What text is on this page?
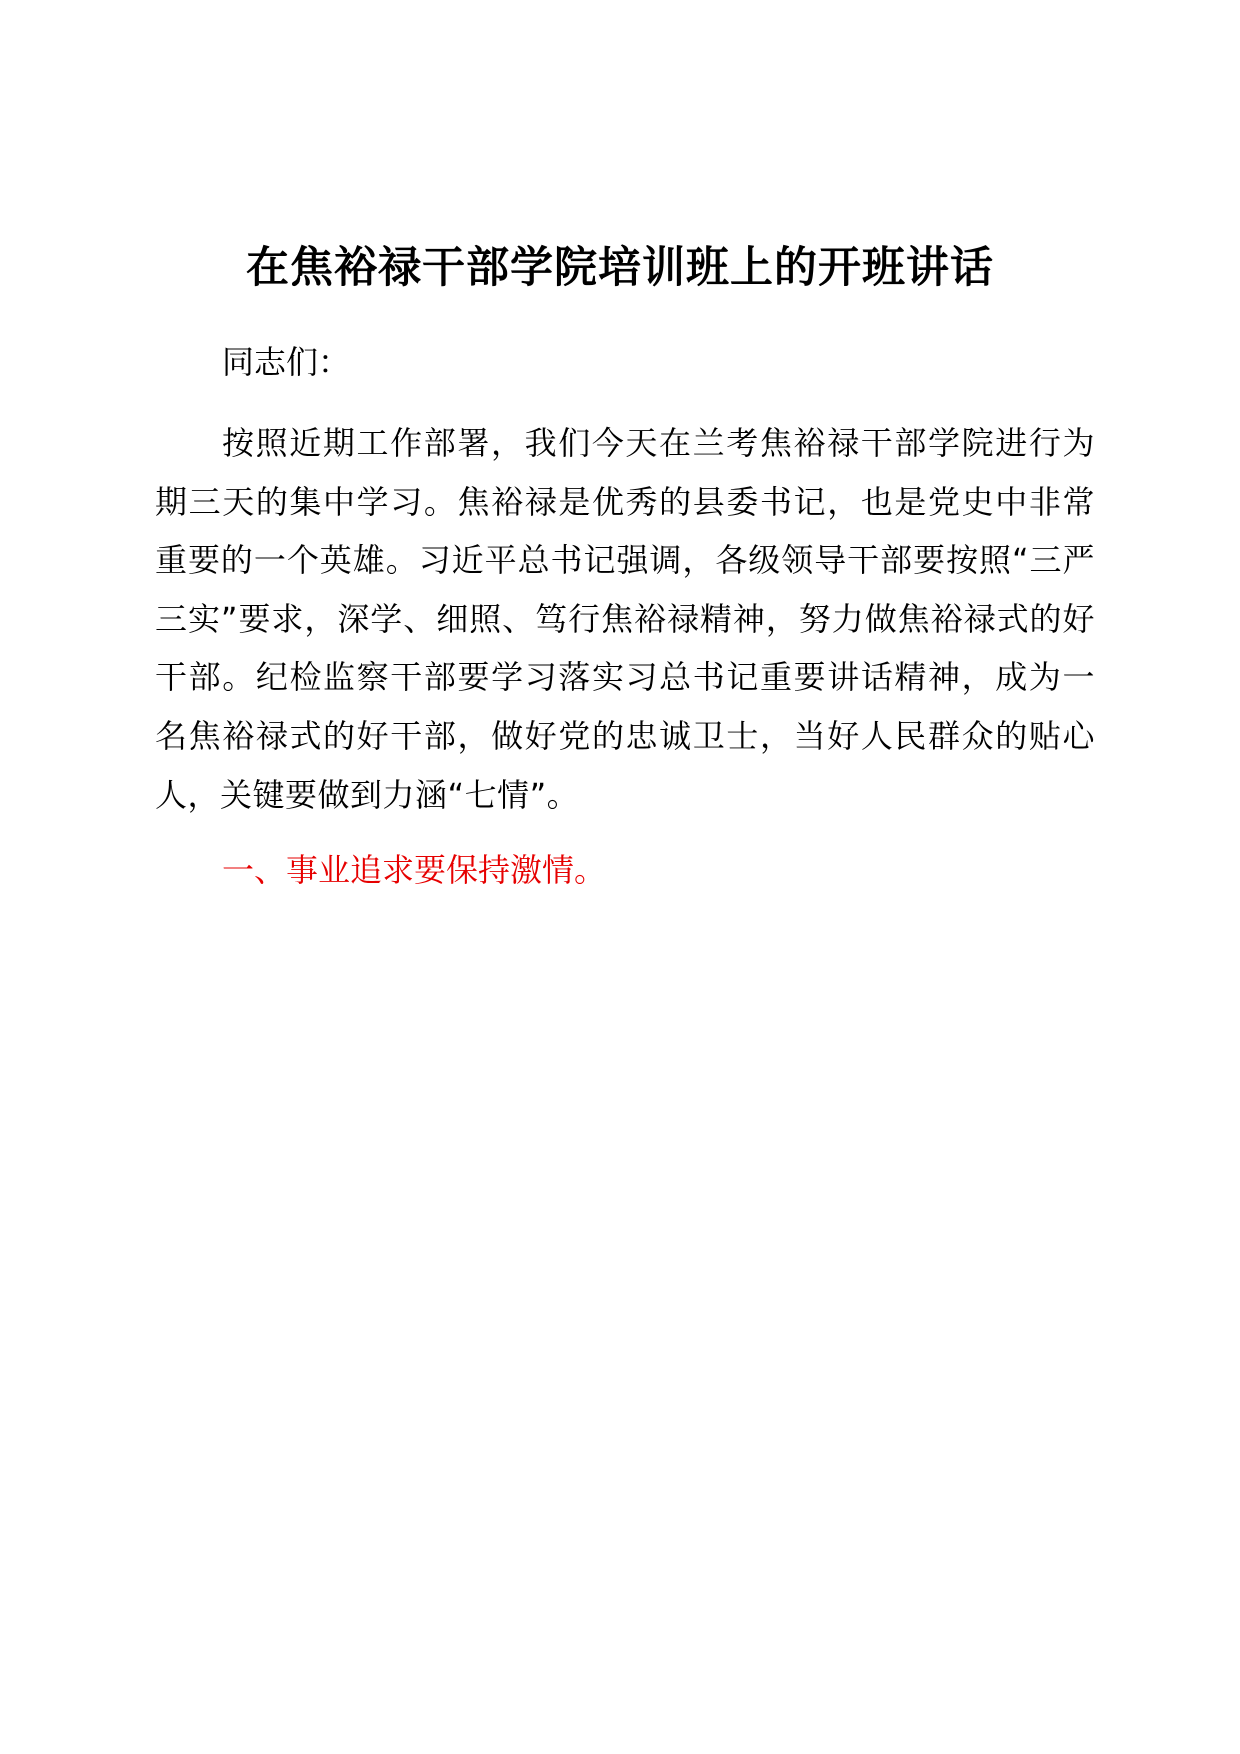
在焦裕禄干部学院培训班上的开班讲话

同志们：

按照近期工作部署，我们今天在兰考焦裕禄干部学院进行为期三天的集中学习。焦裕禄是优秀的县委书记，也是党史中非常重要的一个英雄。习近平总书记强调，各级领导干部要按照“三严三实”要求，深学、细照、笃行焦裕禄精神，努力做焦裕禄式的好干部。纪检监察干部要学习落实习总书记重要讲话精神，成为一名焦裕禄式的好干部，做好党的忠诚卫士，当好人民群众的贴心人，关键要做到力涵“七情”。

一、事业追求要保持激情。
